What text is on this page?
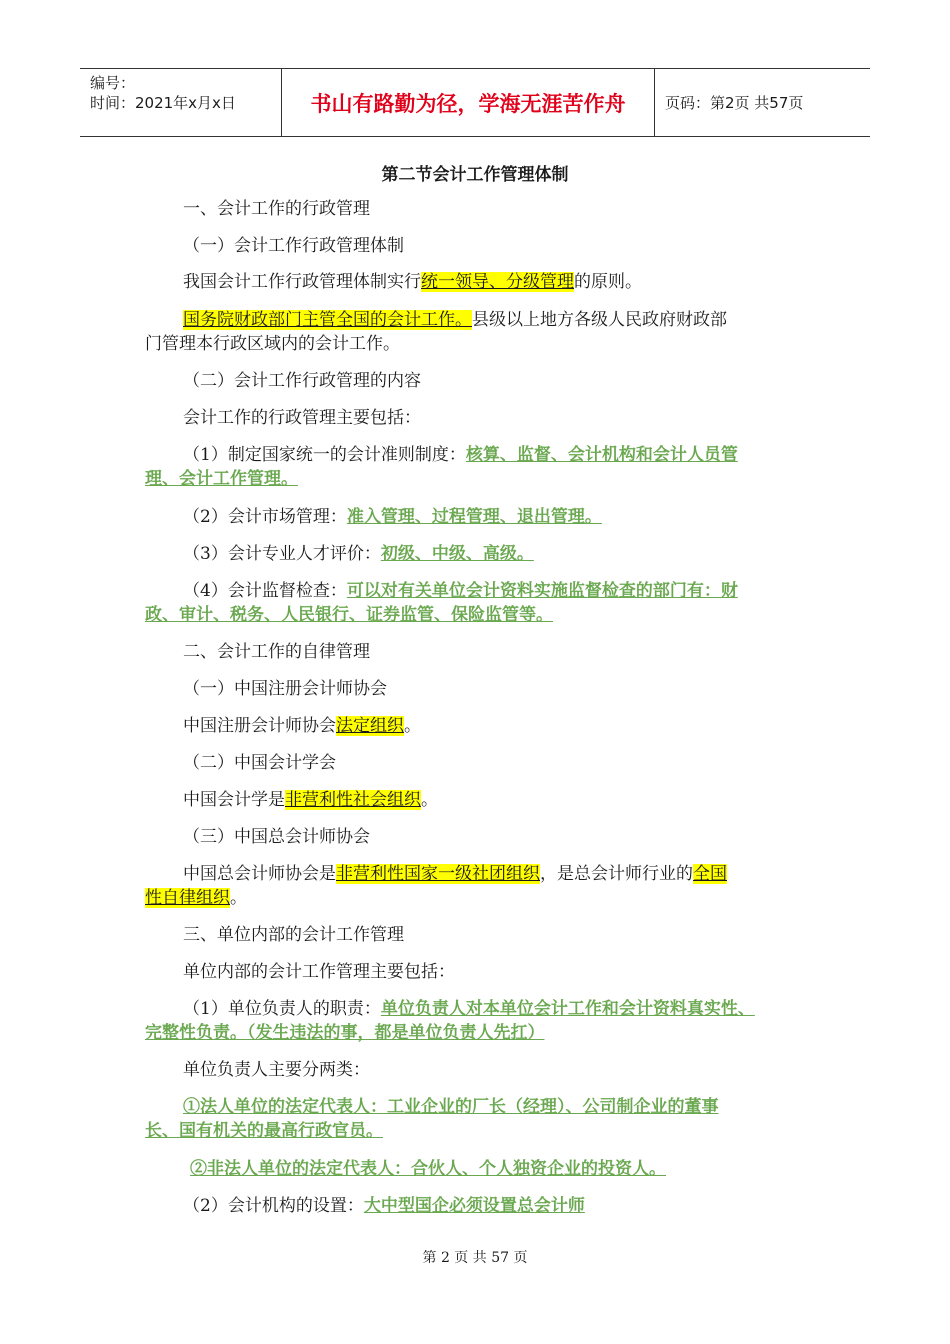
编号：
时间：2021年x月x日	书山有路勤为径，学海无涯苦作舟	页码：第2页 共57页
第二节会计工作管理体制
一、会计工作的行政管理
（一）会计工作行政管理体制
我国会计工作行政管理体制实行统一领导、分级管理的原则。
国务院财政部门主管全国的会计工作。县级以上地方各级人民政府财政部
门管理本行政区域内的会计工作。
（二）会计工作行政管理的内容
会计工作的行政管理主要包括：
（1）制定国家统一的会计准则制度：核算、监督、会计机构和会计人员管
理、会计工作管理。
（2）会计市场管理：准入管理、过程管理、退出管理。
（3）会计专业人才评价：初级、中级、高级。
（4）会计监督检查：可以对有关单位会计资料实施监督检查的部门有：财
政、审计、税务、人民银行、证券监管、保险监管等。
二、会计工作的自律管理
（一）中国注册会计师协会
中国注册会计师协会法定组织。
（二）中国会计学会
中国会计学是非营利性社会组织。
（三）中国总会计师协会
中国总会计师协会是非营利性国家一级社团组织，是总会计师行业的全国
性自律组织。
三、单位内部的会计工作管理
单位内部的会计工作管理主要包括：
（1）单位负责人的职责：单位负责人对本单位会计工作和会计资料真实性、
完整性负责。（发生违法的事，都是单位负责人先扛）
单位负责人主要分两类：
①法人单位的法定代表人：工业企业的厂长（经理）、公司制企业的董事
长、国有机关的最高行政官员。
②非法人单位的法定代表人：合伙人、个人独资企业的投资人。
（2）会计机构的设置：大中型国企必须设置总会计师
第 2 页 共 57 页
